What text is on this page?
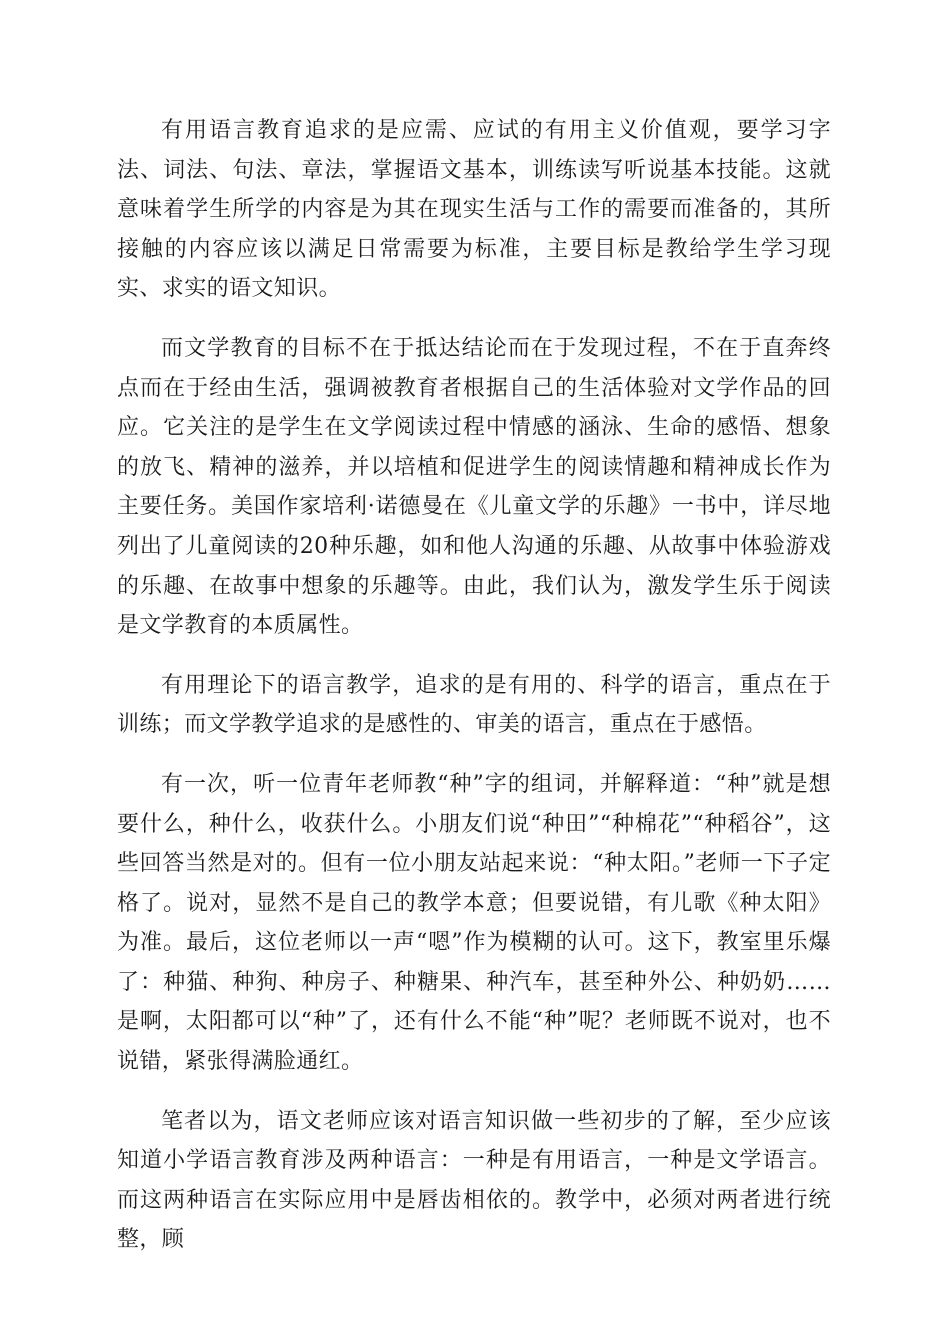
有用语言教育追求的是应需、应试的有用主义价值观，要学习字法、词法、句法、章法，掌握语文基本，训练读写听说基本技能。这就意味着学生所学的内容是为其在现实生活与工作的需要而准备的，其所接触的内容应该以满足日常需要为标准，主要目标是教给学生学习现实、求实的语文知识。

而文学教育的目标不在于抵达结论而在于发现过程，不在于直奔终点而在于经由生活，强调被教育者根据自己的生活体验对文学作品的回应。它关注的是学生在文学阅读过程中情感的涵泳、生命的感悟、想象的放飞、精神的滋养，并以培植和促进学生的阅读情趣和精神成长作为主要任务。美国作家培利·诺德曼在《儿童文学的乐趣》一书中，详尽地列出了儿童阅读的20种乐趣，如和他人沟通的乐趣、从故事中体验游戏的乐趣、在故事中想象的乐趣等。由此，我们认为，激发学生乐于阅读是文学教育的本质属性。

有用理论下的语言教学，追求的是有用的、科学的语言，重点在于训练；而文学教学追求的是感性的、审美的语言，重点在于感悟。

有一次，听一位青年老师教“种”字的组词，并解释道：“种”就是想要什么，种什么，收获什么。小朋友们说“种田”“种棉花”“种稻谷”，这些回答当然是对的。但有一位小朋友站起来说：“种太阳。”老师一下子定格了。说对，显然不是自己的教学本意；但要说错，有儿歌《种太阳》为准。最后，这位老师以一声“嗯”作为模糊的认可。这下，教室里乐爆了：种猫、种狗、种房子、种糖果、种汽车，甚至种外公、种奶奶……是啊，太阳都可以“种”了，还有什么不能“种”呢？老师既不说对，也不说错，紧张得满脸通红。

笔者以为，语文老师应该对语言知识做一些初步的了解，至少应该知道小学语言教育涉及两种语言：一种是有用语言，一种是文学语言。而这两种语言在实际应用中是唇齿相依的。教学中，必须对两者进行统整，顾
